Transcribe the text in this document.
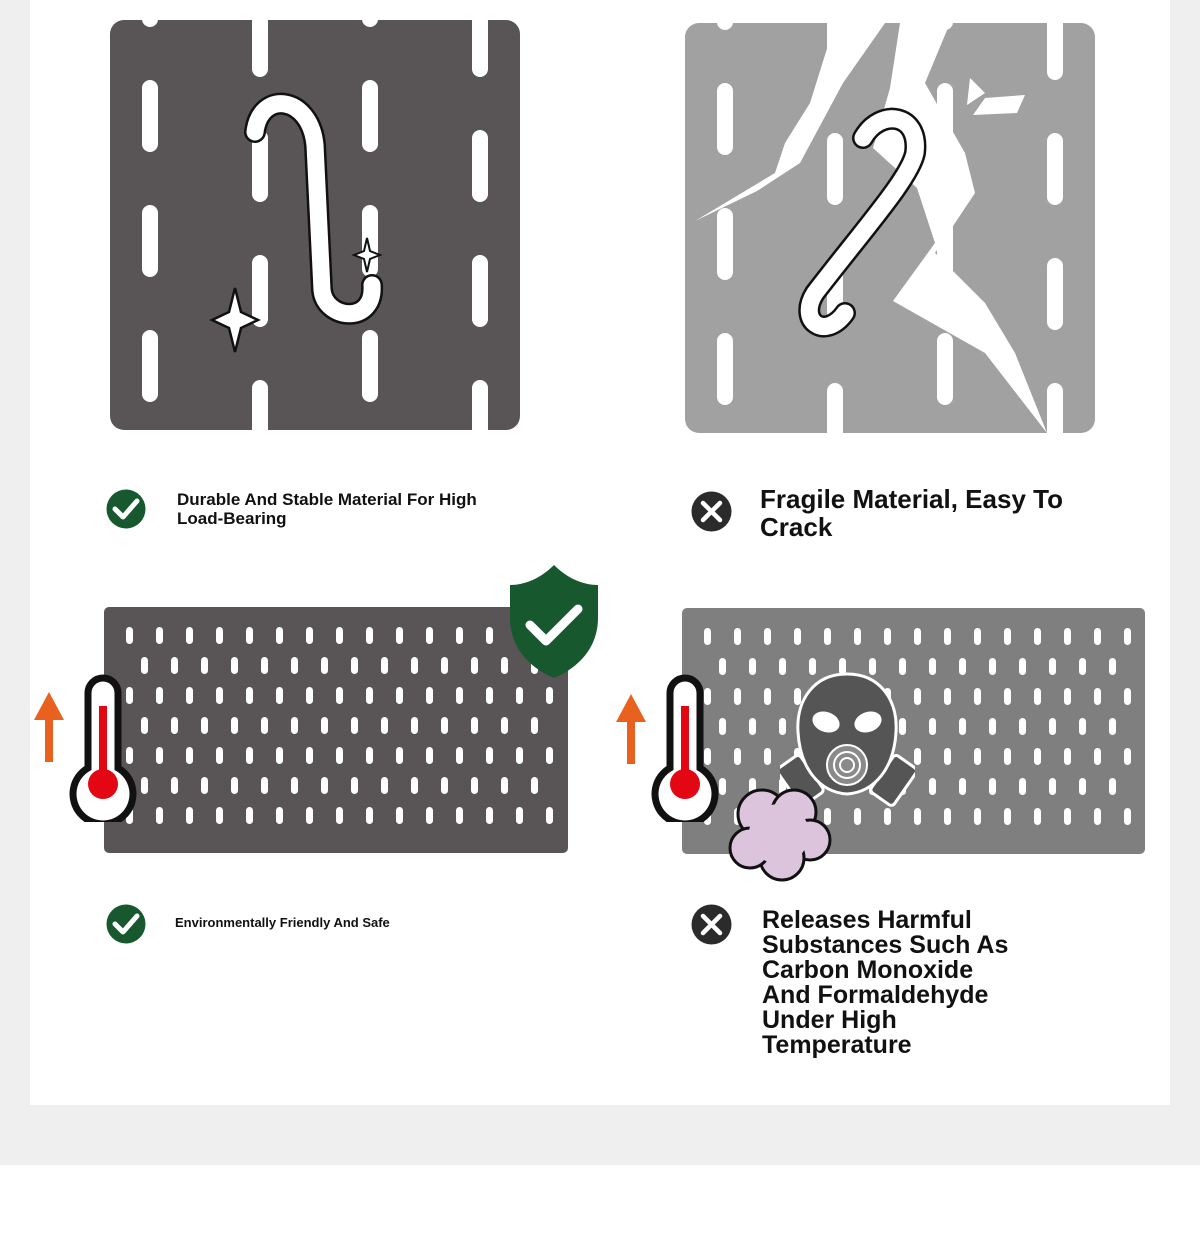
Durable And Stable Material For High Load-Bearing
Fragile Material, Easy To Crack
Environmentally Friendly And Safe	Releases Harmful
Substances Such As
Carbon Monoxide
And Formaldehyde
Under High
Temperature
